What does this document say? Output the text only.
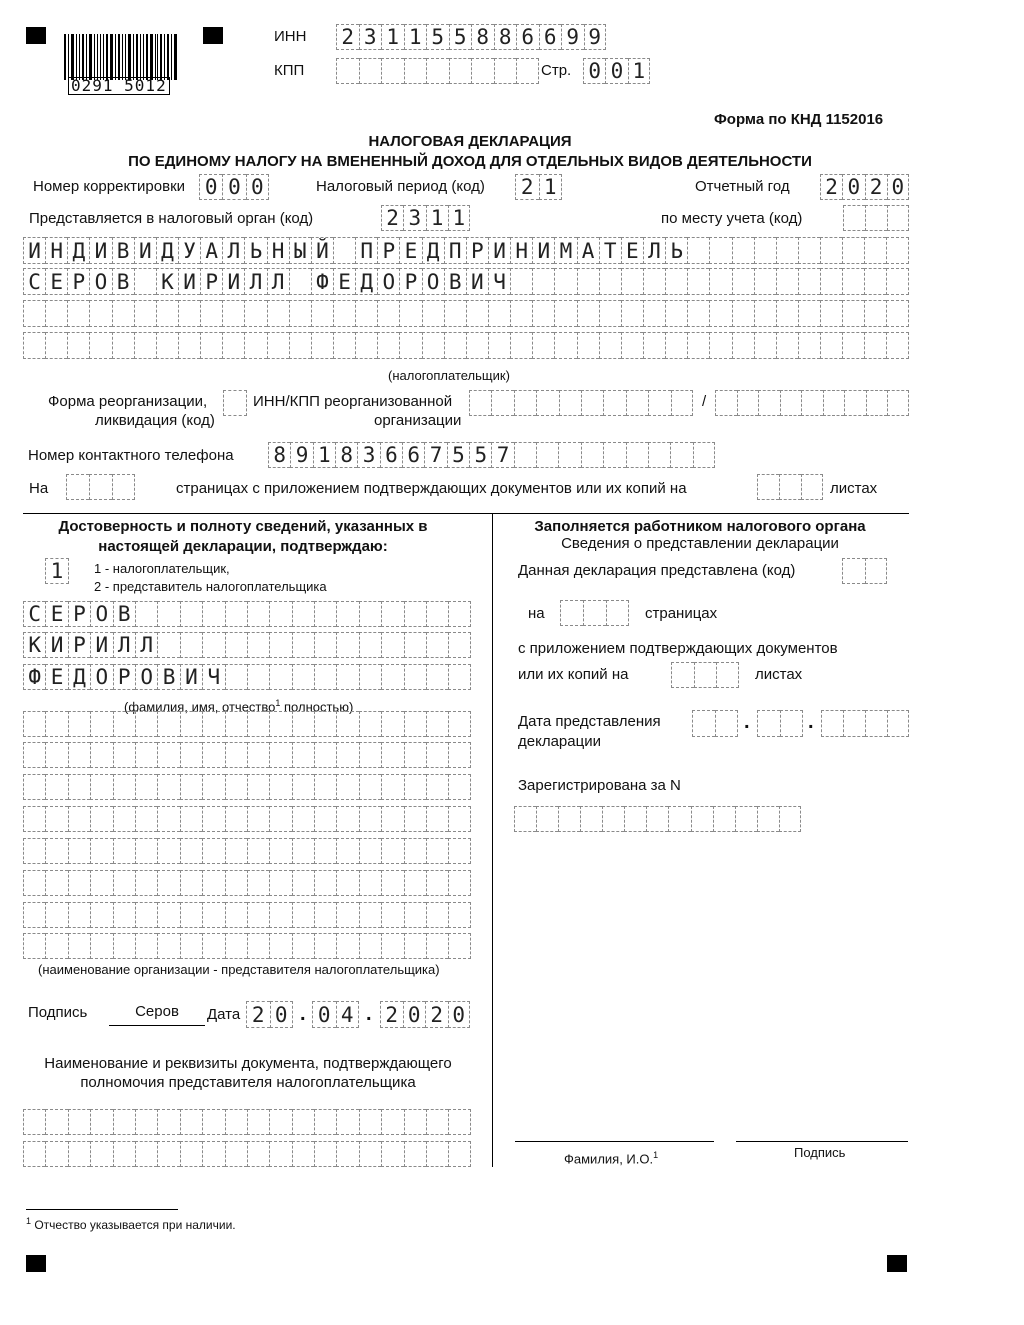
0291 5012
ИНН 2 3 1 1 5 5 8 8 6 6 9 9
КПП	Стр. 0 0 1
Форма по КНД 1152016
НАЛОГОВАЯ ДЕКЛАРАЦИЯ
ПО ЕДИНОМУ НАЛОГУ НА ВМЕНЕННЫЙ ДОХОД ДЛЯ ОТДЕЛЬНЫХ ВИДОВ ДЕЯТЕЛЬНОСТИ
Номер корректировки 0 0 0	Налоговый период (код) 2 1	Отчетный год 2 0 2 0
Представляется в налоговый орган (код)	2 3 1 1	по месту учета (код)
И Н Д И В И Д У А Л Ь Н Ы Й П Р Е Д П Р И Н И М А Т Е Л Ь
С Е Р О В К И Р И Л Л Ф Е Д О Р О В И Ч
(налогоплательщик)
Форма реорганизации,
ликвидация (код)
ИНН/КПП реорганизованной
организации
/
Номер контактного телефона 8 9 1 8 3 6 6 7 5 5 7
На	страницах с приложением подтверждающих документов или их копий на	листах
Достоверность и полноту сведений, указанных в
настоящей декларации, подтверждаю:
1	1 - налогоплательщик,
2 - представитель налогоплательщика
С Е Р О В
К И Р И Л Л
Ф Е Д О Р О В И Ч
(фамилия, имя, отчество$^1$ полностью)
(наименование организации - представителя налогоплательщика)
Подпись	Серов	Дата 2 0 . 0 4 . 2 0 2 0
Наименование и реквизиты документа, подтверждающего
полномочия представителя налогоплательщика
Заполняется работником налогового органа
Сведения о представлении декларации
Данная декларация представлена (код)
на	страницах
с приложением подтверждающих документов
или их копий на	листах
Дата представления
декларации
.	.
Зарегистрирована за N
Фамилия, И.О.$^1$	Подпись
$^1$ Отчество указывается при наличии.
